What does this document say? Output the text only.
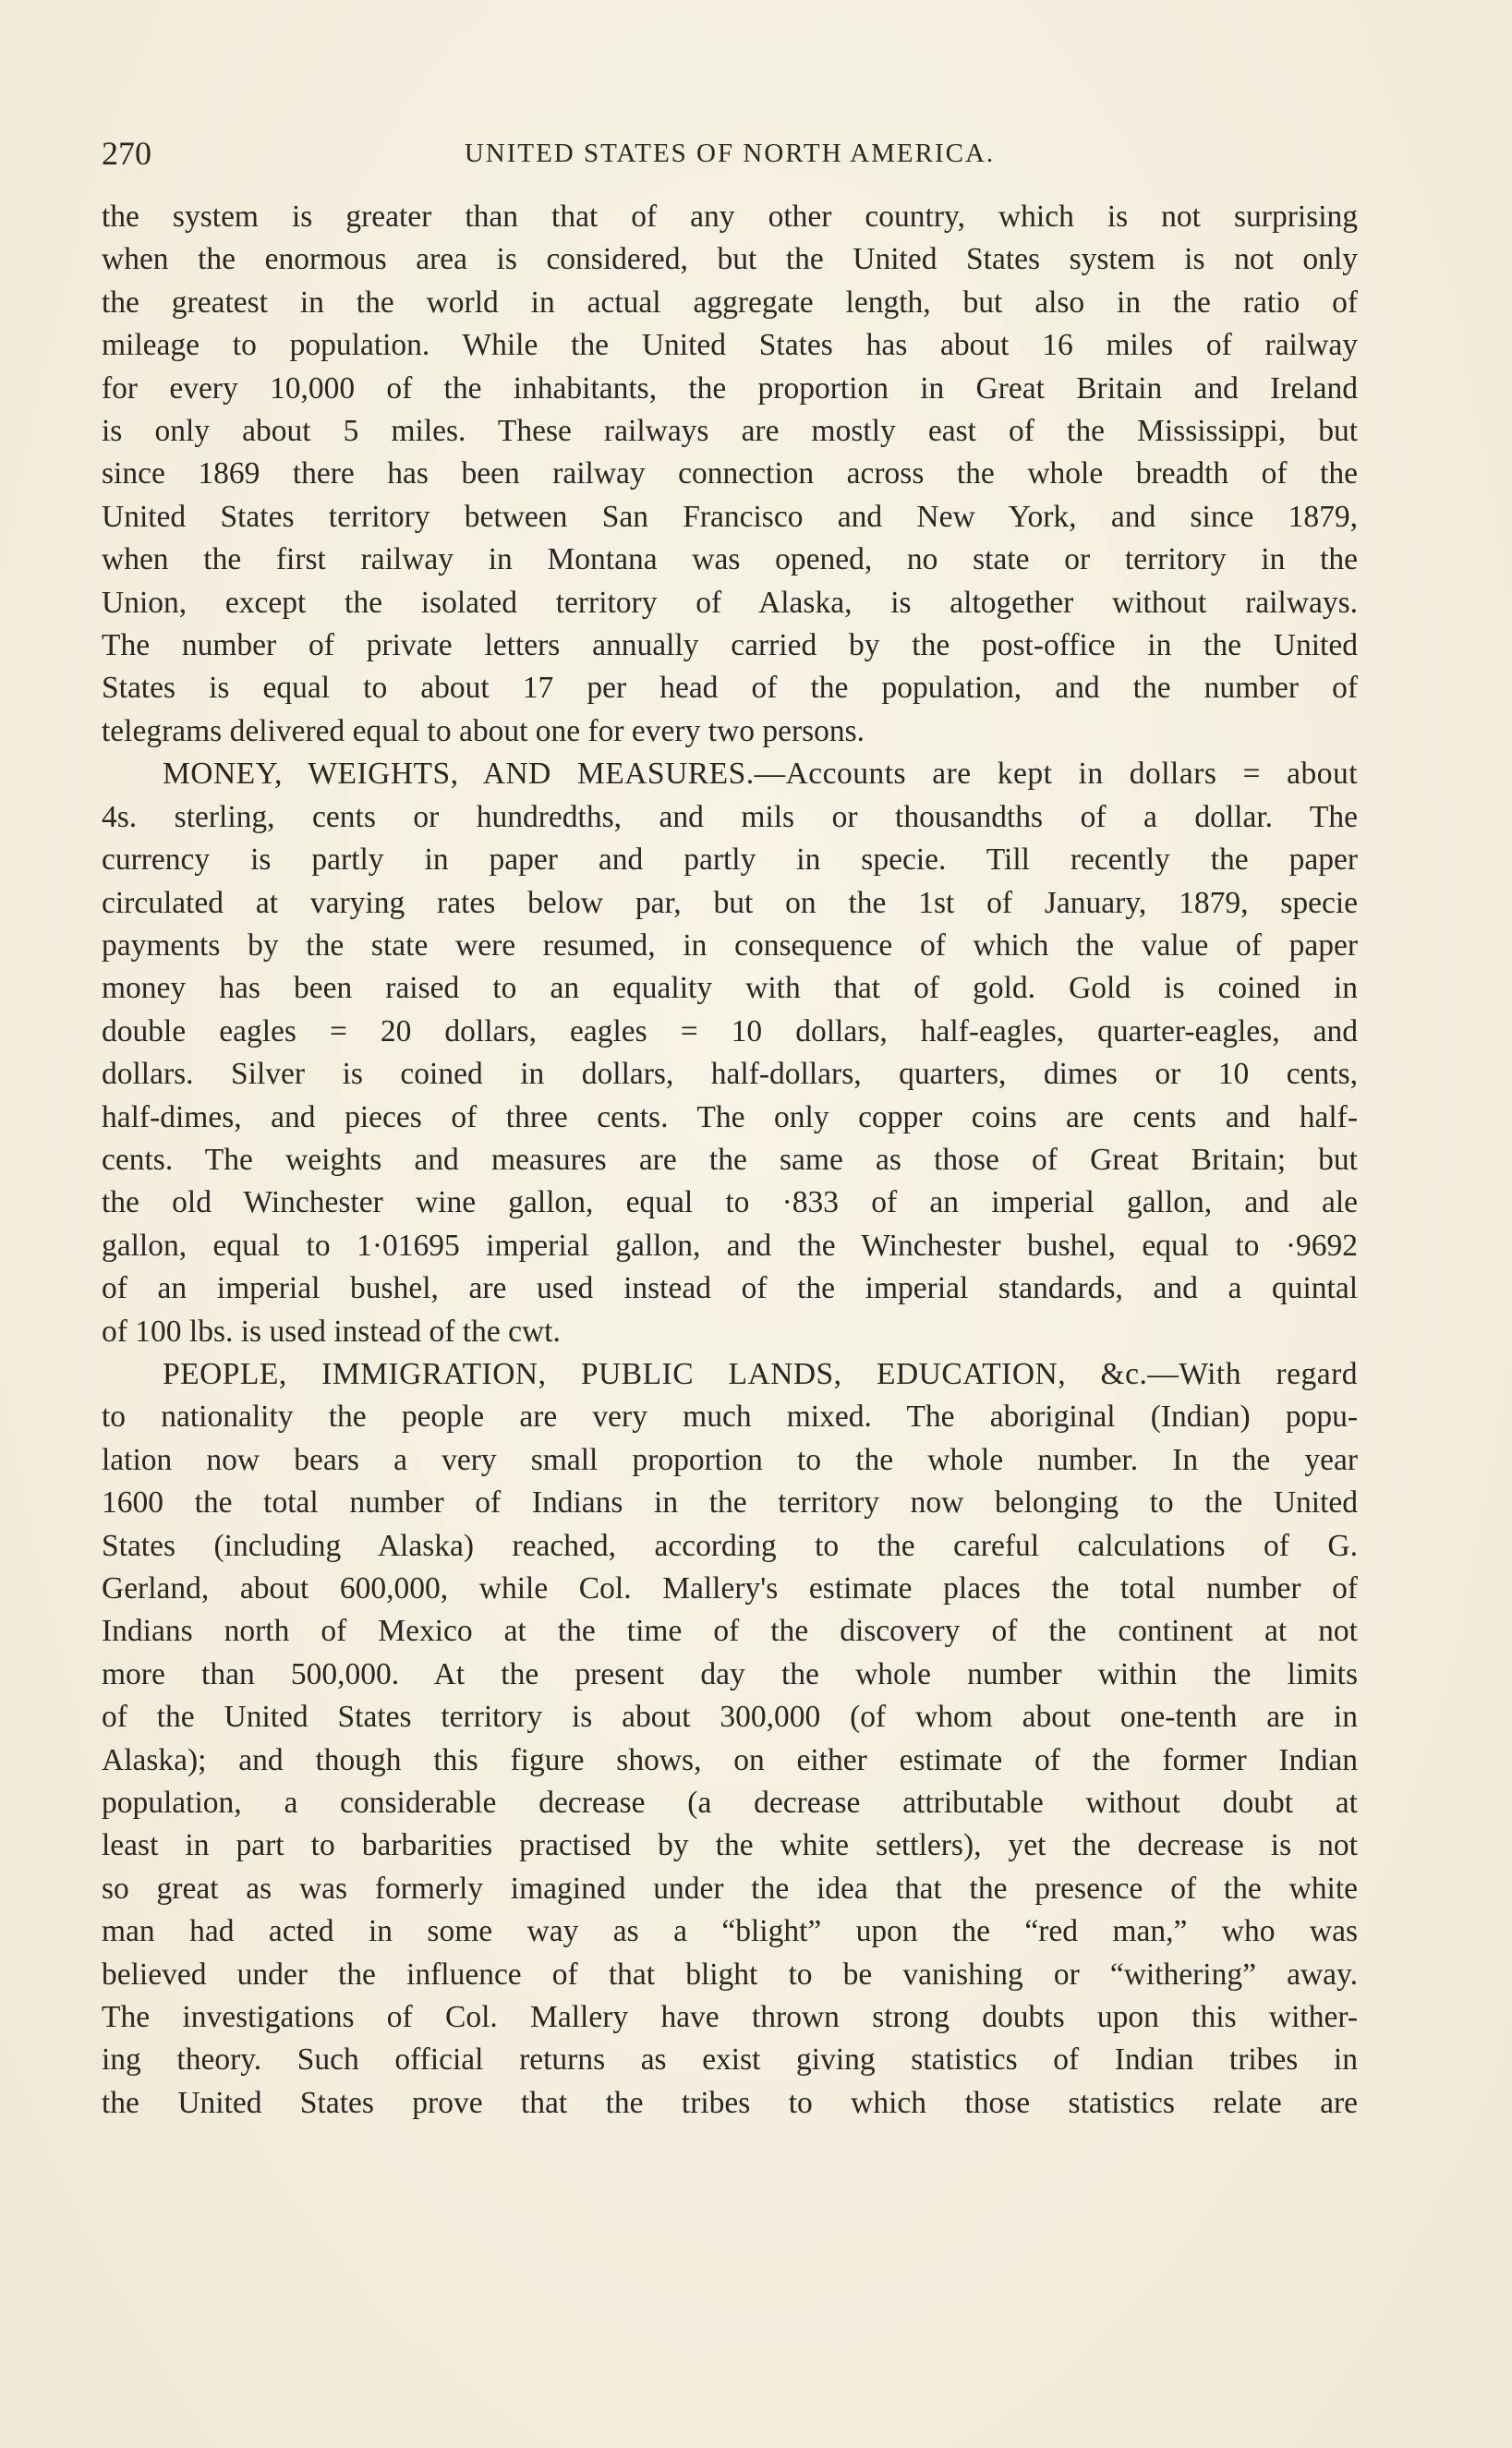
270	UNITED STATES OF NORTH AMERICA.

the system is greater than that of any other country, which is not surprising
when the enormous area is considered, but the United States system is not only
the greatest in the world in actual aggregate length, but also in the ratio of
mileage to population. While the United States has about 16 miles of railway
for every 10,000 of the inhabitants, the proportion in Great Britain and Ireland
is only about 5 miles. These railways are mostly east of the Mississippi, but
since 1869 there has been railway connection across the whole breadth of the
United States territory between San Francisco and New York, and since 1879,
when the first railway in Montana was opened, no state or territory in the
Union, except the isolated territory of Alaska, is altogether without railways.
The number of private letters annually carried by the post-office in the United
States is equal to about 17 per head of the population, and the number of
telegrams delivered equal to about one for every two persons.

MONEY, WEIGHTS, AND MEASURES.—Accounts are kept in dollars = about
4s. sterling, cents or hundredths, and mils or thousandths of a dollar. The
currency is partly in paper and partly in specie. Till recently the paper
circulated at varying rates below par, but on the 1st of January, 1879, specie
payments by the state were resumed, in consequence of which the value of paper
money has been raised to an equality with that of gold. Gold is coined in
double eagles = 20 dollars, eagles = 10 dollars, half-eagles, quarter-eagles, and
dollars. Silver is coined in dollars, half-dollars, quarters, dimes or 10 cents,
half-dimes, and pieces of three cents. The only copper coins are cents and half-
cents. The weights and measures are the same as those of Great Britain; but
the old Winchester wine gallon, equal to ·833 of an imperial gallon, and ale
gallon, equal to 1·01695 imperial gallon, and the Winchester bushel, equal to ·9692
of an imperial bushel, are used instead of the imperial standards, and a quintal
of 100 lbs. is used instead of the cwt.

PEOPLE, IMMIGRATION, PUBLIC LANDS, EDUCATION, &c.—With regard
to nationality the people are very much mixed. The aboriginal (Indian) popu-
lation now bears a very small proportion to the whole number. In the year
1600 the total number of Indians in the territory now belonging to the United
States (including Alaska) reached, according to the careful calculations of G.
Gerland, about 600,000, while Col. Mallery's estimate places the total number of
Indians north of Mexico at the time of the discovery of the continent at not
more than 500,000. At the present day the whole number within the limits
of the United States territory is about 300,000 (of whom about one-tenth are in
Alaska); and though this figure shows, on either estimate of the former Indian
population, a considerable decrease (a decrease attributable without doubt at
least in part to barbarities practised by the white settlers), yet the decrease is not
so great as was formerly imagined under the idea that the presence of the white
man had acted in some way as a “blight” upon the “red man,” who was
believed under the influence of that blight to be vanishing or “withering” away.
The investigations of Col. Mallery have thrown strong doubts upon this wither-
ing theory. Such official returns as exist giving statistics of Indian tribes in
the United States prove that the tribes to which those statistics relate are
